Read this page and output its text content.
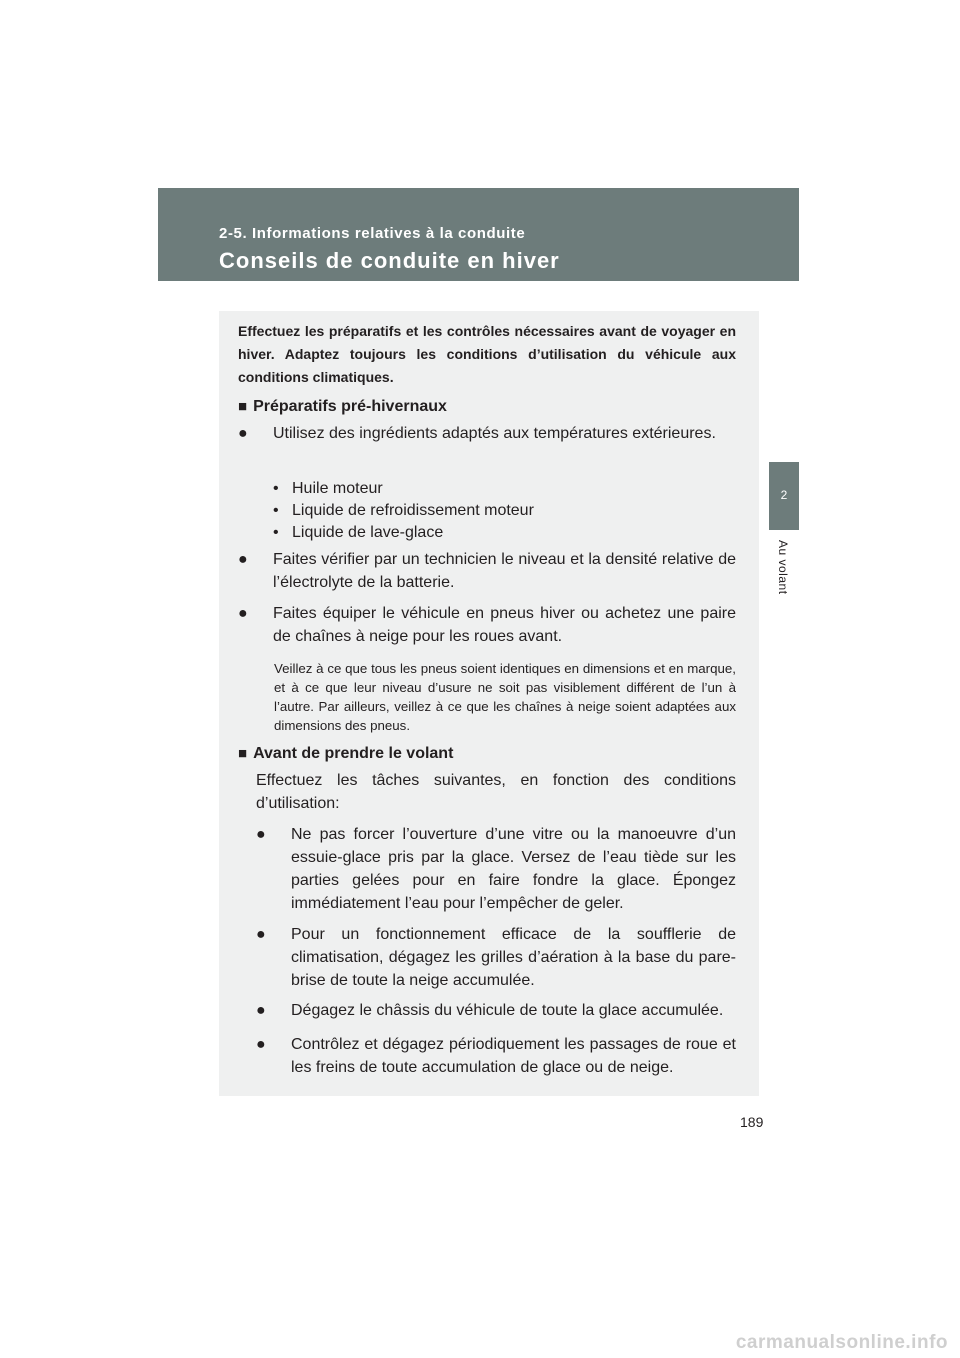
2-5. Informations relatives à la conduite
Conseils de conduite en hiver
2
Au volant

Effectuez les préparatifs et les contrôles nécessaires avant de voyager en hiver. Adaptez toujours les conditions d’utilisation du véhicule aux conditions climatiques.

■ Préparatifs pré-hivernaux
●	Utilisez des ingrédients adaptés aux températures extérieures.
• Huile moteur
• Liquide de refroidissement moteur
• Liquide de lave-glace
●	Faites vérifier par un technicien le niveau et la densité relative de l’électrolyte de la batterie.
●	Faites équiper le véhicule en pneus hiver ou achetez une paire de chaînes à neige pour les roues avant.

Veillez à ce que tous les pneus soient identiques en dimensions et en marque, et à ce que leur niveau d’usure ne soit pas visiblement différent de l’un à l’autre. Par ailleurs, veillez à ce que les chaînes à neige soient adaptées aux dimensions des pneus.

■ Avant de prendre le volant

Effectuez les tâches suivantes, en fonction des conditions d’utilisation:

●	Ne pas forcer l’ouverture d’une vitre ou la manoeuvre d’un essuie-glace pris par la glace. Versez de l’eau tiède sur les parties gelées pour en faire fondre la glace. Épongez immédiatement l’eau pour l’empêcher de geler.
●	Pour un fonctionnement efficace de la soufflerie de climatisation, dégagez les grilles d’aération à la base du pare-brise de toute la neige accumulée.
●	Dégagez le châssis du véhicule de toute la glace accumulée.
●	Contrôlez et dégagez périodiquement les passages de roue et les freins de toute accumulation de glace ou de neige.
189
carmanualsonline.info
